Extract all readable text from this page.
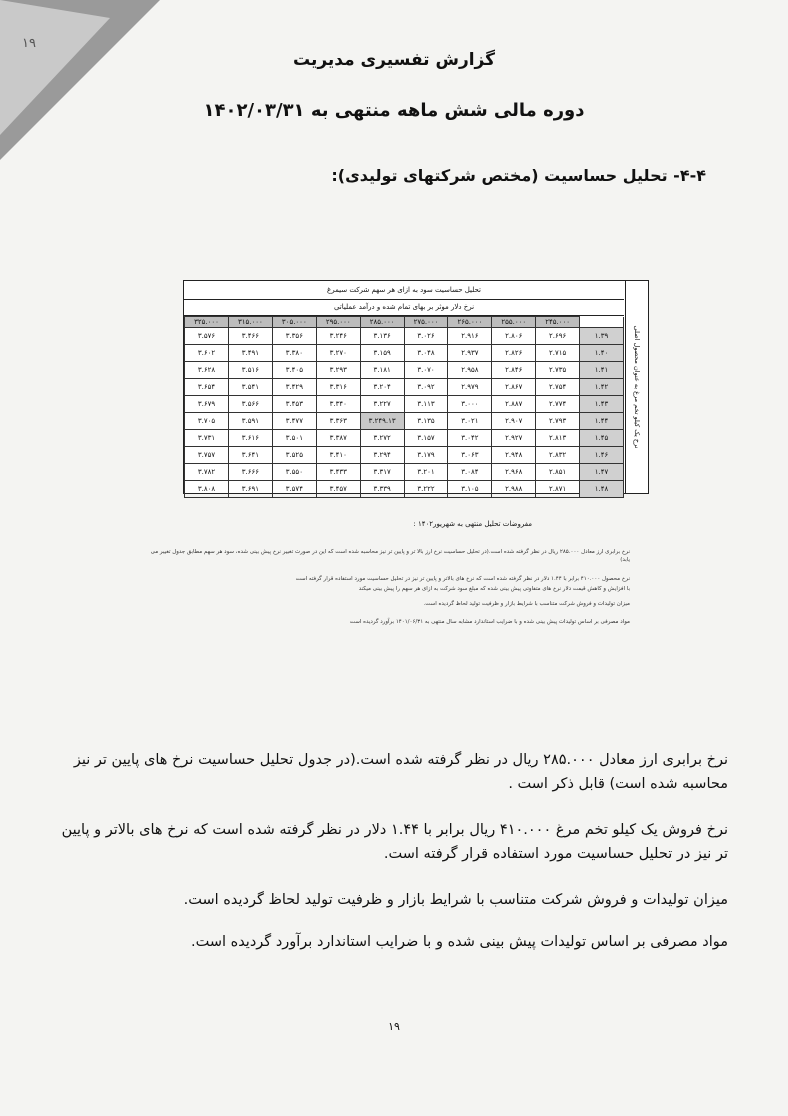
۱۹
گزارش تفسیری مدیریت
دوره مالی شش ماهه منتهی به ۱۴۰۲/۰۳/۳۱
۴-۴- تحلیل حساسیت (مختص شرکتهای تولیدی):
تحلیل حساسیت سود به ازای هر سهم شرکت سیمرغ
نرخ دلار موثر بر بهای تمام شده و درآمد عملیاتی
نرخ یک کیلو تخم مرغ به عنوان محصول اصلی
	۲۴۵.۰۰۰	۲۵۵.۰۰۰	۲۶۵.۰۰۰	۲۷۵.۰۰۰	۲۸۵.۰۰۰	۲۹۵.۰۰۰	۳۰۵.۰۰۰	۳۱۵.۰۰۰	۳۲۵.۰۰۰
۱.۳۹	۲.۶۹۶	۲.۸۰۶	۲.۹۱۶	۳.۰۲۶	۳.۱۳۶	۳.۲۴۶	۳.۳۵۶	۳.۴۶۶	۳.۵۷۶
۱.۴۰	۲.۷۱۵	۲.۸۲۶	۲.۹۳۷	۳.۰۴۸	۳.۱۵۹	۳.۲۷۰	۳.۳۸۰	۳.۴۹۱	۳.۶۰۲
۱.۴۱	۲.۷۳۵	۲.۸۴۶	۲.۹۵۸	۳.۰۷۰	۳.۱۸۱	۳.۲۹۳	۳.۴۰۵	۳.۵۱۶	۳.۶۲۸
۱.۴۲	۲.۷۵۴	۲.۸۶۷	۲.۹۷۹	۳.۰۹۲	۳.۲۰۴	۳.۳۱۶	۳.۴۲۹	۳.۵۴۱	۳.۶۵۴
۱.۴۳	۲.۷۷۴	۲.۸۸۷	۳.۰۰۰	۳.۱۱۳	۳.۲۲۷	۳.۳۴۰	۳.۴۵۳	۳.۵۶۶	۳.۶۷۹
۱.۴۴	۲.۷۹۳	۲.۹۰۷	۳.۰۲۱	۳.۱۳۵	۳.۲۴۹.۱۳	۳.۳۶۳	۳.۴۷۷	۳.۵۹۱	۳.۷۰۵
۱.۴۵	۲.۸۱۳	۲.۹۲۷	۳.۰۴۲	۳.۱۵۷	۳.۲۷۲	۳.۳۸۷	۳.۵۰۱	۳.۶۱۶	۳.۷۳۱
۱.۴۶	۲.۸۳۲	۲.۹۴۸	۳.۰۶۳	۳.۱۷۹	۳.۲۹۴	۳.۴۱۰	۳.۵۲۵	۳.۶۴۱	۳.۷۵۷
۱.۴۷	۲.۸۵۱	۲.۹۶۸	۳.۰۸۴	۳.۲۰۱	۳.۳۱۷	۳.۴۳۳	۳.۵۵۰	۳.۶۶۶	۳.۷۸۲
۱.۴۸	۲.۸۷۱	۲.۹۸۸	۳.۱۰۵	۳.۲۲۲	۳.۳۳۹	۳.۴۵۷	۳.۵۷۴	۳.۶۹۱	۳.۸۰۸
مفروضات تحلیل منتهی به شهریور۱۴۰۲ :
نرخ برابری ارز معادل ۲۸۵.۰۰۰ ریال در نظر گرفته شده است.(در تحلیل حساسیت نرخ ارز بالا تر و پایین تر نیز محاسبه شده است که این در صورت تغییر نرخ پیش بینی شده، سود هر سهم مطابق جدول تغییر می یابد)
نرخ محصول ۴۱۰.۰۰۰ برابر با ۱.۴۴ دلار در نظر گرفته شده است که نرخ های بالاتر و پایین تر نیز در تحلیل حساسیت مورد استفاده قرار گرفته است
با افزایش و کاهش قیمت دلار نرخ های متفاوتی پیش بینی شده که مبلغ سود شرکت به ازای هر سهم را پیش بینی میکند
میزان تولیدات و فروش شرکت متناسب با شرایط بازار و ظرفیت تولید لحاظ گردیده است.
مواد مصرفی بر اساس تولیدات پیش بینی شده و با ضرایب استاندارد مشابه سال منتهی به ۱۴۰۱/۰۶/۳۱ برآورد گردیده است
نرخ برابری ارز معادل ۲۸۵.۰۰۰ ریال در نظر گرفته شده است.(در جدول تحلیل حساسیت نرخ های پایین تر نیز محاسبه شده است) قابل ذکر است .
نرخ فروش یک کیلو تخم مرغ ۴۱۰.۰۰۰ ریال برابر با ۱.۴۴ دلار در نظر گرفته شده است که نرخ های بالاتر و پایین تر نیز در تحلیل حساسیت مورد استفاده قرار گرفته است.
میزان تولیدات و فروش شرکت متناسب با شرایط بازار و ظرفیت تولید لحاظ گردیده است.
مواد مصرفی بر اساس تولیدات پیش بینی شده و با ضرایب استاندارد برآورد گردیده است.
۱۹
